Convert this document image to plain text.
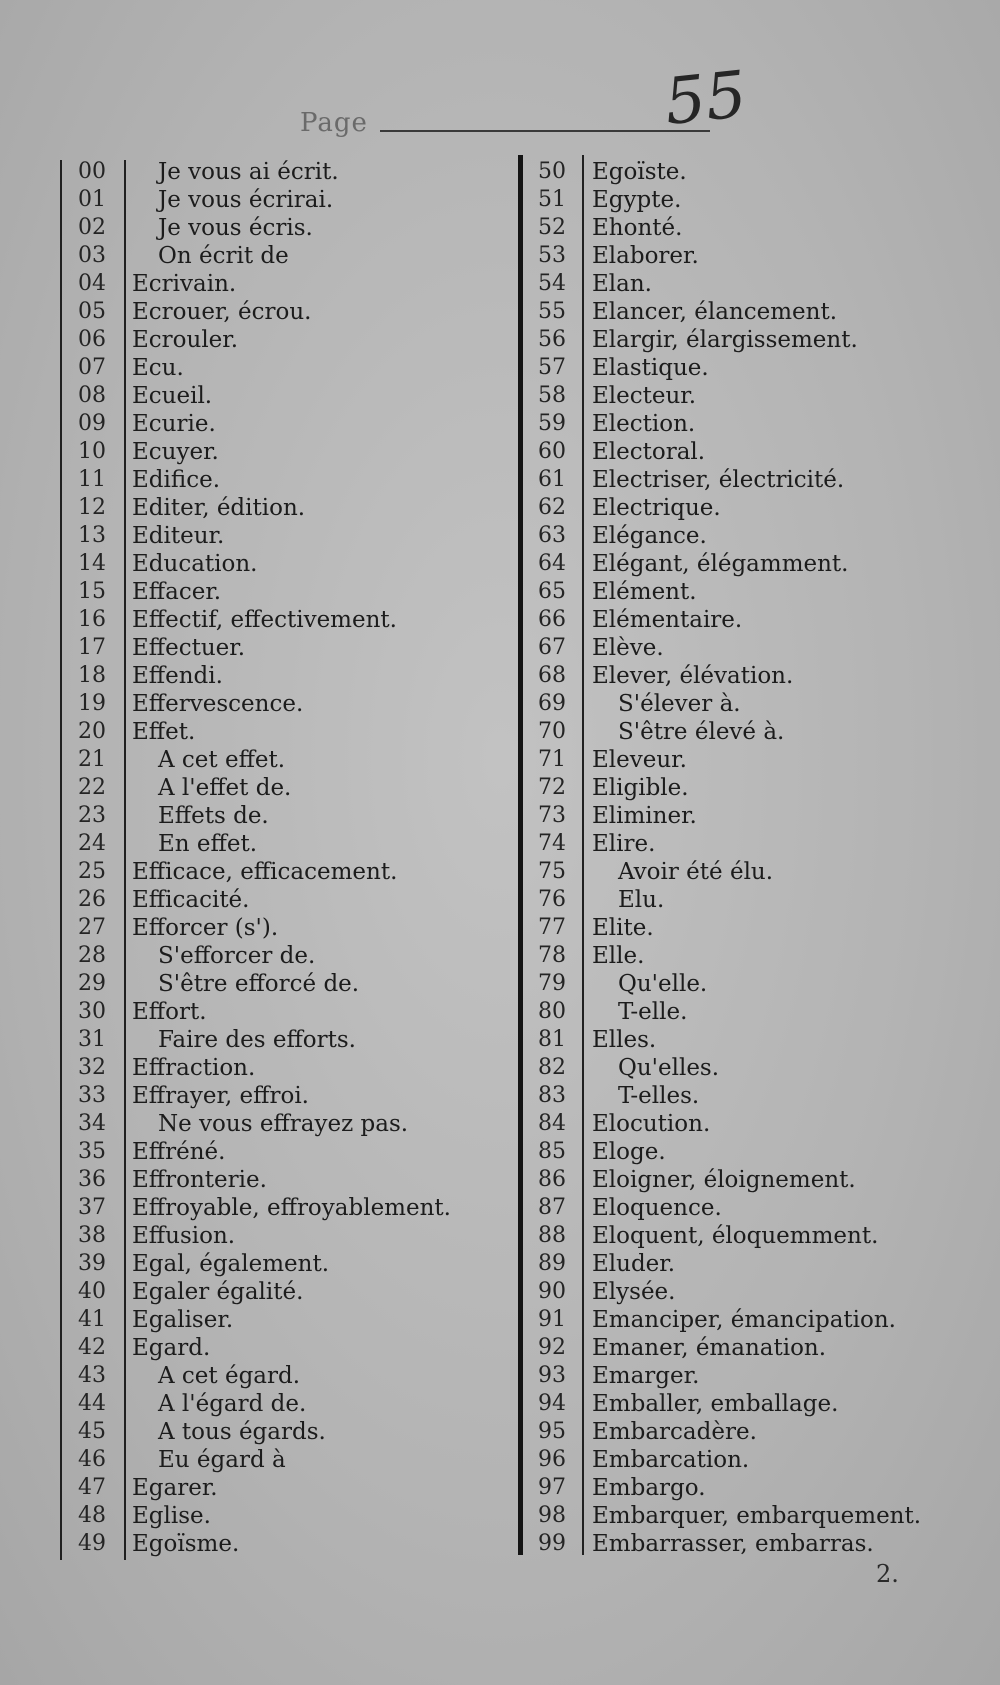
Page	55
00	Je vous ai écrit.
01	Je vous écrirai.
02	Je vous écris.
03	On écrit de
04	Ecrivain.
05	Ecrouer, écrou.
06	Ecrouler.
07	Ecu.
08	Ecueil.
09	Ecurie.
10	Ecuyer.
11	Edifice.
12	Editer, édition.
13	Editeur.
14	Education.
15	Effacer.
16	Effectif, effectivement.
17	Effectuer.
18	Effendi.
19	Effervescence.
20	Effet.
21	A cet effet.
22	A l'effet de.
23	Effets de.
24	En effet.
25	Efficace, efficacement.
26	Efficacité.
27	Efforcer (s').
28	S'efforcer de.
29	S'être efforcé de.
30	Effort.
31	Faire des efforts.
32	Effraction.
33	Effrayer, effroi.
34	Ne vous effrayez pas.
35	Effréné.
36	Effronterie.
37	Effroyable, effroyablement.
38	Effusion.
39	Egal, également.
40	Egaler égalité.
41	Egaliser.
42	Egard.
43	A cet égard.
44	A l'égard de.
45	A tous égards.
46	Eu égard à
47	Egarer.
48	Eglise.
49	Egoïsme.
50	Egoïste.
51	Egypte.
52	Ehonté.
53	Elaborer.
54	Elan.
55	Elancer, élancement.
56	Elargir, élargissement.
57	Elastique.
58	Electeur.
59	Election.
60	Electoral.
61	Electriser, électricité.
62	Electrique.
63	Elégance.
64	Elégant, élégamment.
65	Elément.
66	Elémentaire.
67	Elève.
68	Elever, élévation.
69	S'élever à.
70	S'être élevé à.
71	Eleveur.
72	Eligible.
73	Eliminer.
74	Elire.
75	Avoir été élu.
76	Elu.
77	Elite.
78	Elle.
79	Qu'elle.
80	T-elle.
81	Elles.
82	Qu'elles.
83	T-elles.
84	Elocution.
85	Eloge.
86	Eloigner, éloignement.
87	Eloquence.
88	Eloquent, éloquemment.
89	Eluder.
90	Elysée.
91	Emanciper, émancipation.
92	Emaner, émanation.
93	Emarger.
94	Emballer, emballage.
95	Embarcadère.
96	Embarcation.
97	Embargo.
98	Embarquer, embarquement.
99	Embarrasser, embarras.
2.
